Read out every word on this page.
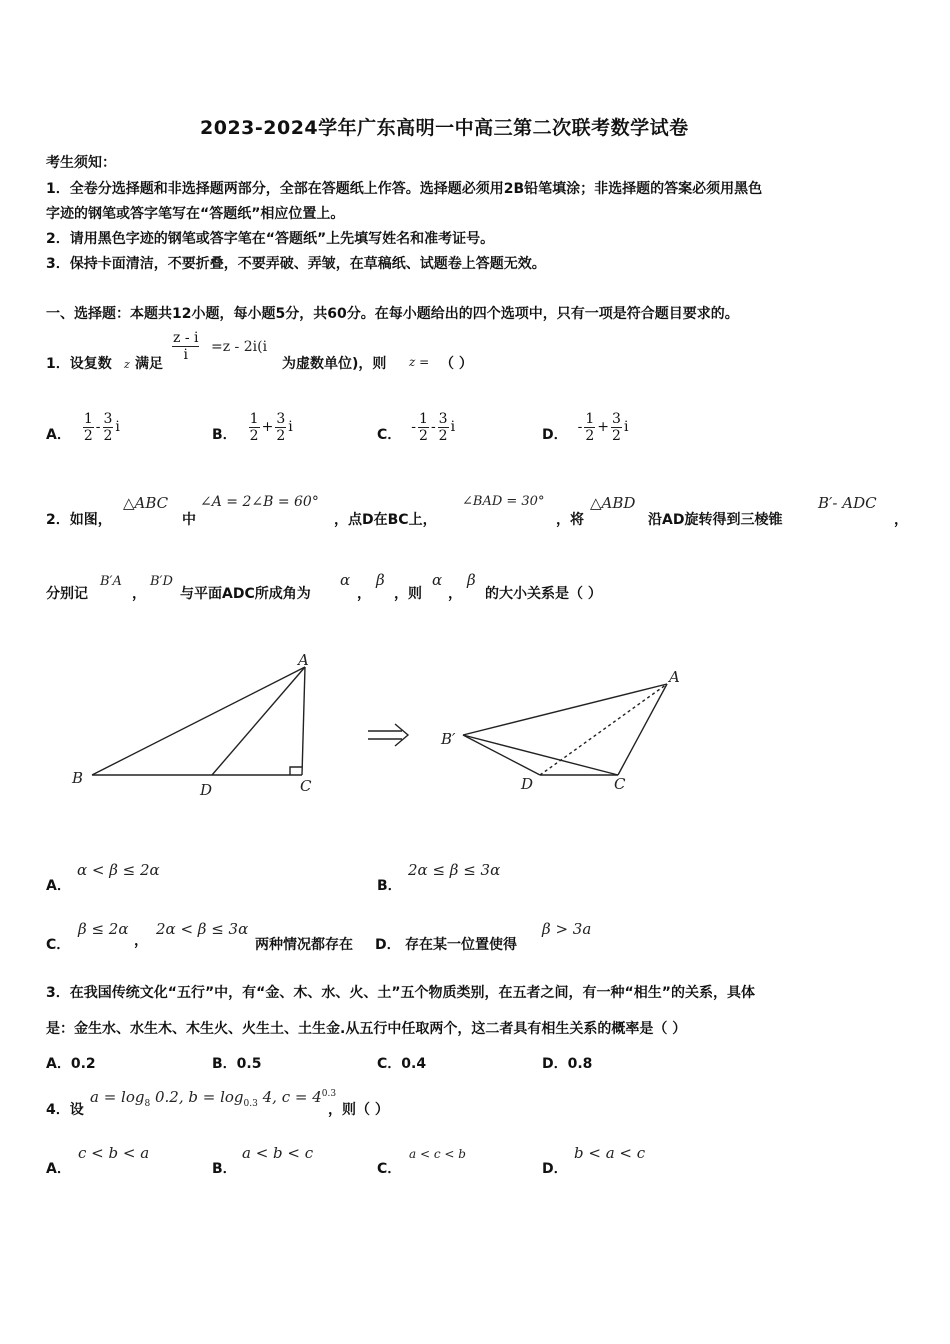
2023-2024学年广东高明一中高三第二次联考数学试卷
考生须知：
1．全卷分选择题和非选择题两部分，全部在答题纸上作答。选择题必须用2B铅笔填涂；非选择题的答案必须用黑色
字迹的钢笔或答字笔写在“答题纸”相应位置上。
2．请用黑色字迹的钢笔或答字笔在“答题纸”上先填写姓名和准考证号。
3．保持卡面清洁，不要折叠，不要弄破、弄皱，在草稿纸、试题卷上答题无效。
一、选择题：本题共12小题，每小题5分，共60分。在每小题给出的四个选项中，只有一项是符合题目要求的。
1．设复数 z 满足
$\frac{z - i}{i} =z - 2i(i$
为虚数单位)，则 z = （ ）
A． $\frac{1}{2} - \frac{3}{2}$ i	B． $\frac{1}{2} + \frac{3}{2}$ i	C． - $\frac{1}{2} - \frac{3}{2}$ i	D． - $\frac{1}{2} + \frac{3}{2}$ i
2．如图，
△ABC
中
∠A = 2∠B = 60°
，点D在BC上，
∠BAD = 30°
，将
△ABD
沿AD旋转得到三棱锥
B′- ADC
，
分别记
B′A
，
B′D
与平面ADC所成角为
α
，
β
，则
α
，
β
的大小关系是（ ）
A
B
D	C
B′
A
D	C
A．
α < β ≤ 2α
B．
2α ≤ β ≤ 3α
C．
β ≤ 2α
，
2α < β ≤ 3α
两种情况都存在 D． 存在某一位置使得
β > 3a
3．在我国传统文化“五行”中，有“金、木、水、火、土”五个物质类别，在五者之间，有一种“相生”的关系，具体
是：金生水、水生木、木生火、火生土、土生金.从五行中任取两个，这二者具有相生关系的概率是（ ）
A．0.2	B．0.5	C．0.4	D．0.8
4．设
$a = \log_8 0.2$, $b = \log_{0.3} 4$, $c = 4^{0.3}$
，则（ ）
A．
c < b < a
B．
a < b < c
C．
a < c < b
D．
b < a < c
